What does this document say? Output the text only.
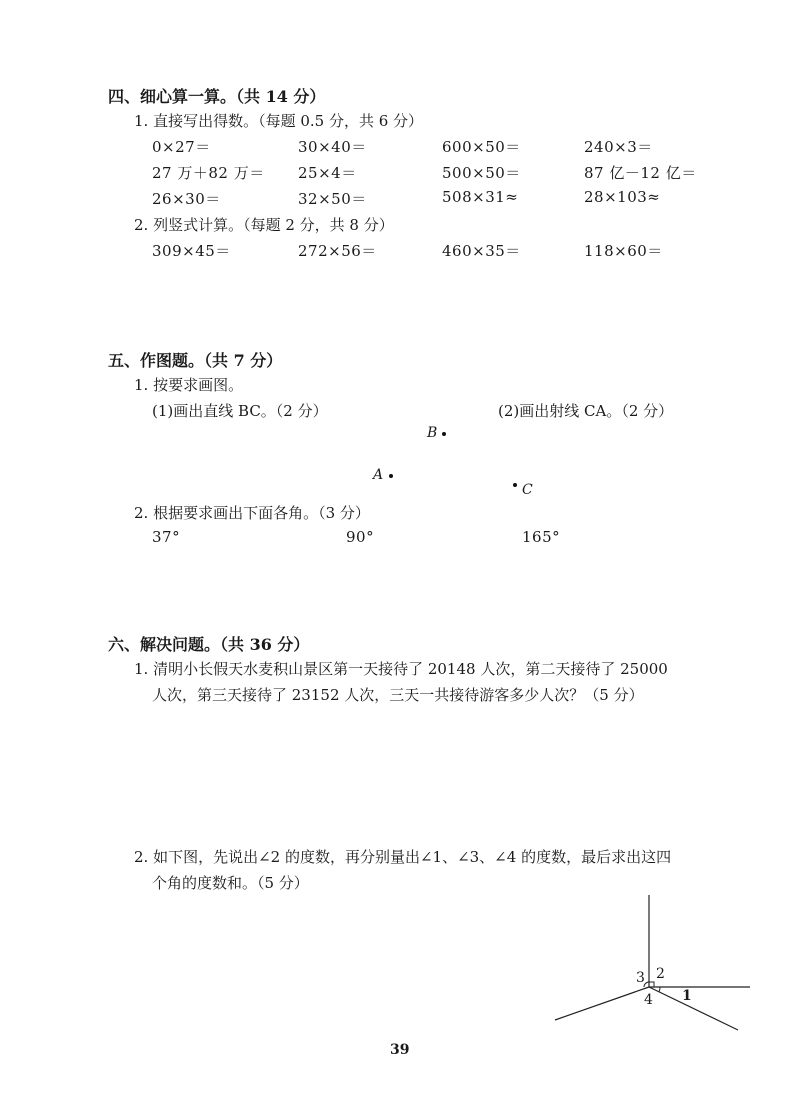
四、细心算一算。（共 14 分）
1. 直接写出得数。（每题 0.5 分，共 6 分）
0×27＝	30×40＝	600×50＝	240×3＝
27 万＋82 万＝ 25×4＝	500×50＝	87 亿－12 亿＝
26×30＝	32×50＝	508×31≈	28×103≈
2. 列竖式计算。（每题 2 分，共 8 分）
309×45＝	272×56＝	460×35＝	118×60＝
五、作图题。（共 7 分）
1. 按要求画图。
(1)画出直线 BC。（2 分）	(2)画出射线 CA。（2 分）
B
A
C
2. 根据要求画出下面各角。（3 分）
37°	90°	165°
六、解决问题。（共 36 分）
1. 清明小长假天水麦积山景区第一天接待了 20148 人次，第二天接待了 25000
人次，第三天接待了 23152 人次，三天一共接待游客多少人次？（5 分）
2. 如下图，先说出∠2 的度数，再分别量出∠1、∠3、∠4 的度数，最后求出这四
个角的度数和。（5 分）
3 2
4 1
39
